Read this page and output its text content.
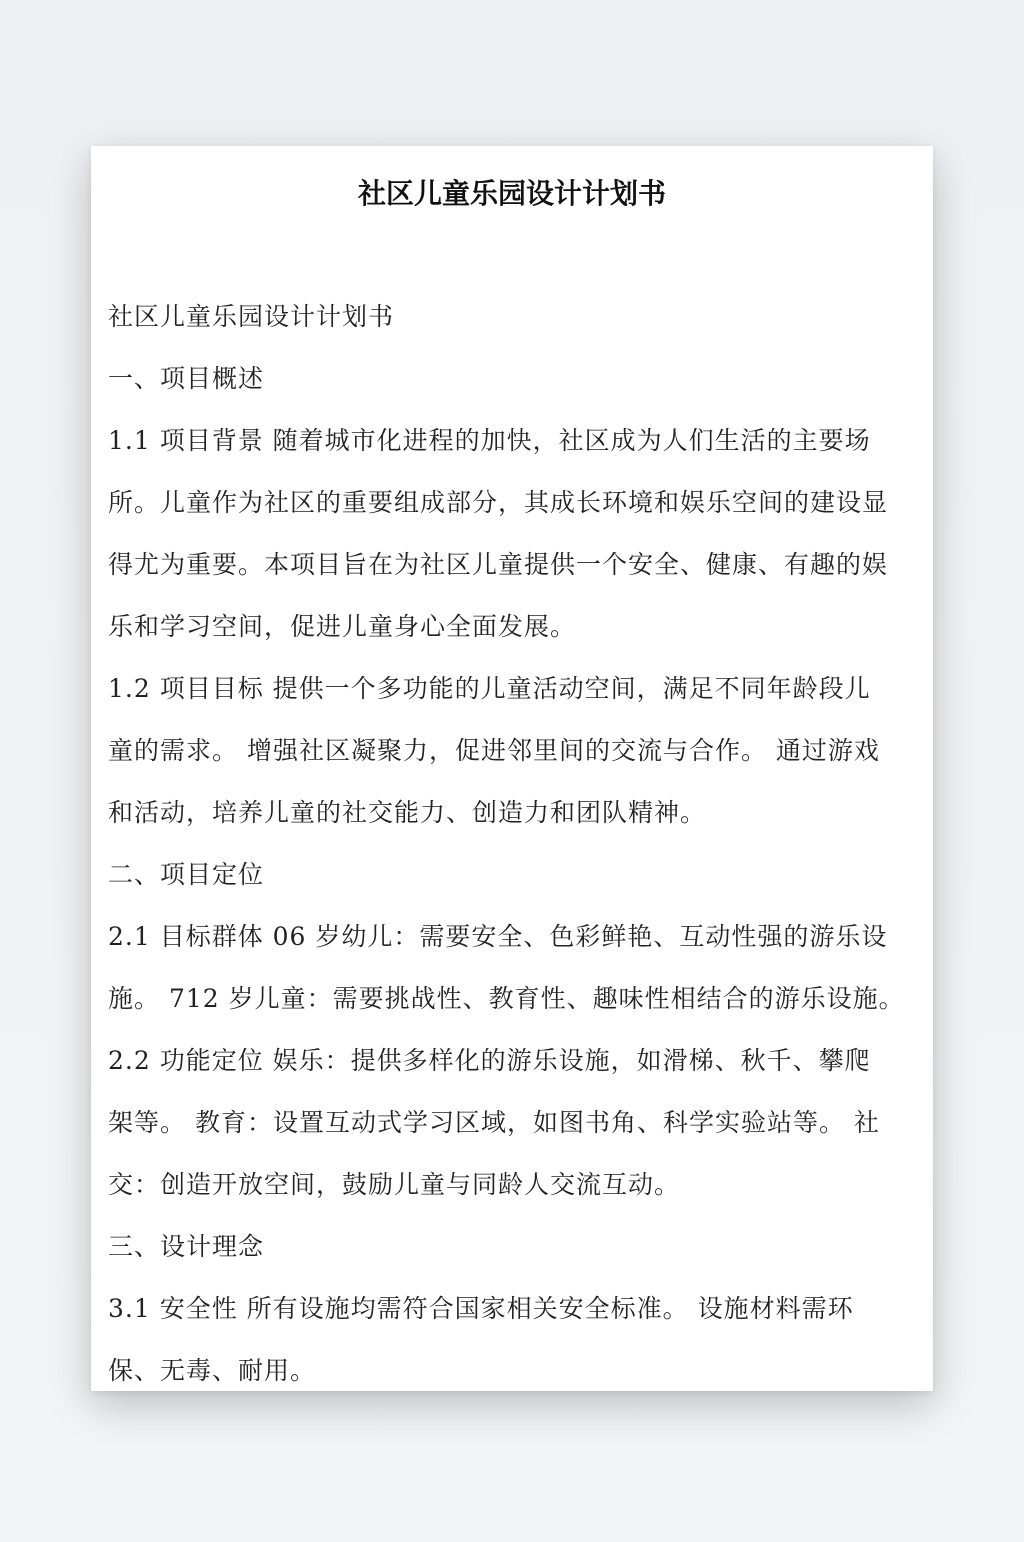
社区儿童乐园设计计划书
社区儿童乐园设计计划书
一、项目概述
1.1 项目背景 随着城市化进程的加快，社区成为人们生活的主要场
所。儿童作为社区的重要组成部分，其成长环境和娱乐空间的建设显
得尤为重要。本项目旨在为社区儿童提供一个安全、健康、有趣的娱
乐和学习空间，促进儿童身心全面发展。
1.2 项目目标 提供一个多功能的儿童活动空间，满足不同年龄段儿
童的需求。 增强社区凝聚力，促进邻里间的交流与合作。 通过游戏
和活动，培养儿童的社交能力、创造力和团队精神。
二、项目定位
2.1 目标群体 06 岁幼儿：需要安全、色彩鲜艳、互动性强的游乐设
施。 712 岁儿童：需要挑战性、教育性、趣味性相结合的游乐设施。
2.2 功能定位 娱乐：提供多样化的游乐设施，如滑梯、秋千、攀爬
架等。 教育：设置互动式学习区域，如图书角、科学实验站等。 社
交：创造开放空间，鼓励儿童与同龄人交流互动。
三、设计理念
3.1 安全性 所有设施均需符合国家相关安全标准。 设施材料需环
保、无毒、耐用。
